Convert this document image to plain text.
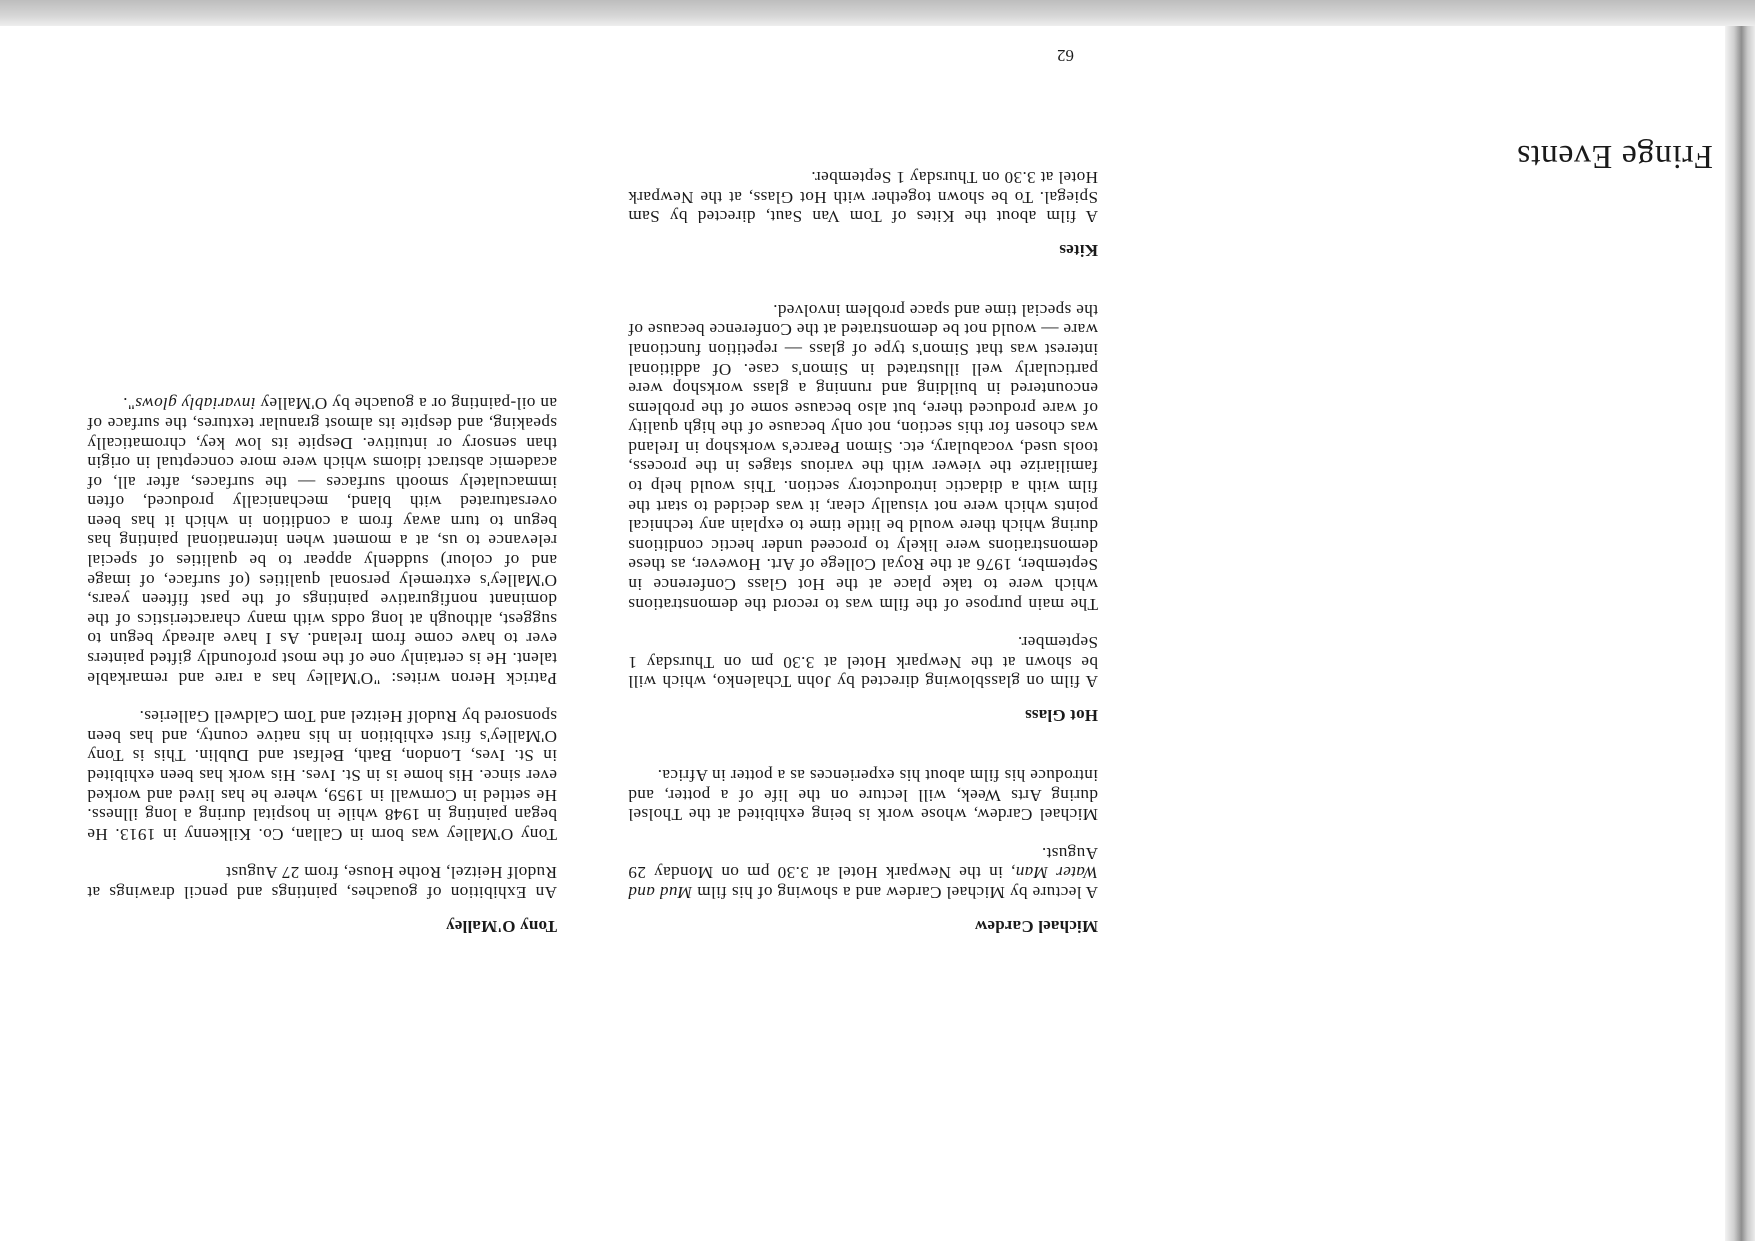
Michael Cardew

A lecture by Michael Cardew and a showing of his film Mud and Water Man, in the Newpark Hotel at 3.30 pm on Monday 29 August.

Michael Cardew, whose work is being exhibited at the Tholsel during Arts Week, will lecture on the life of a potter, and introduce his film about his experiences as a potter in Africa.

Hot Glass

A film on glassblowing directed by John Tchalenko, which will be shown at the Newpark Hotel at 3.30 pm on Thursday 1 September.

The main purpose of the film was to record the demonstrations which were to take place at the Hot Glass Conference in September, 1976 at the Royal College of Art. However, as these demonstrations were likely to proceed under hectic conditions during which there would be little time to explain any technical points which were not visually clear, it was decided to start the film with a didactic introductory section. This would help to familiarize the viewer with the various stages in the process, tools used, vocabulary, etc. Simon Pearce's workshop in Ireland was chosen for this section, not only because of the high quality of ware produced there, but also because some of the problems encountered in building and running a glass workshop were particularly well illustrated in Simon's case. Of additional interest was that Simon's type of glass — repetition functional ware — would not be demonstrated at the Conference because of the special time and space problem involved.

Kites

A film about the Kites of Tom Van Saut, directed by Sam Spiegal. To be shown together with Hot Glass, at the Newpark Hotel at 3.30 on Thursday 1 September.

Tony O'Malley

An Exhibition of gouaches, paintings and pencil drawings at Rudolf Heitzel, Rothe House, from 27 August

Tony O'Malley was born in Callan, Co. Kilkenny in 1913. He began painting in 1948 while in hospital during a long illness. He settled in Cornwall in 1959, where he has lived and worked ever since. His home is in St. Ives. His work has been exhibited in St. Ives, London, Bath, Belfast and Dublin. This is Tony O'Malley's first exhibition in his native county, and has been sponsored by Rudolf Heitzel and Tom Caldwell Galleries.

Patrick Heron writes: "O'Malley has a rare and remarkable talent. He is certainly one of the most profoundly gifted painters ever to have come from Ireland. As I have already begun to suggest, although at long odds with many characteristics of the dominant nonfigurative paintings of the past fifteen years, O'Malley's extremely personal qualities (of surface, of image and of colour) suddenly appear to be qualities of special relevance to us, at a moment when international painting has begun to turn away from a condition in which it has been oversaturated with bland, mechanically produced, often immaculately smooth surfaces — the surfaces, after all, of academic abstract idioms which were more conceptual in origin than sensory or intuitive. Despite its low key, chromatically speaking, and despite its almost granular textures, the surface of an oil-painting or a gouache by O'Malley invariably glows".

Fringe Events

62
